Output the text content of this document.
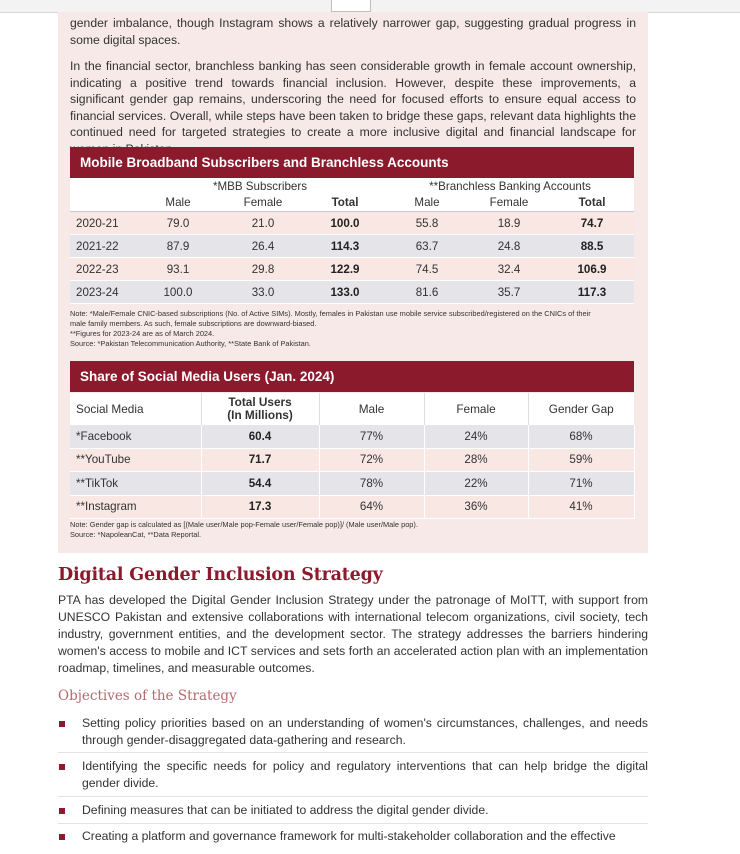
gender imbalance, though Instagram shows a relatively narrower gap, suggesting gradual progress in some digital spaces.
In the financial sector, branchless banking has seen considerable growth in female account ownership, indicating a positive trend towards financial inclusion. However, despite these improvements, a significant gender gap remains, underscoring the need for focused efforts to ensure equal access to financial services. Overall, while steps have been taken to bridge these gaps, relevant data highlights the continued need for targeted strategies to create a more inclusive digital and financial landscape for
Mobile Broadband Subscribers and Branchless Accounts
	*MBB Subscribers			**Branchless Banking Accounts		
	Male	Female	Total	Male	Female	Total
2020-21	79.0	21.0	100.0	55.8	18.9	74.7
2021-22	87.9	26.4	114.3	63.7	24.8	88.5
2022-23	93.1	29.8	122.9	74.5	32.4	106.9
2023-24	100.0	33.0	133.0	81.6	35.7	117.3
Note: *Male/Female CNIC-based subscriptions (No. of Active SIMs). Mostly, females in Pakistan use mobile service subscribed/registered on the CNICs of their
male family members. As such, female subscriptions are downward-biased.
**Figures for 2023-24 are as of March 2024.
Source: *Pakistan Telecommunication Authority, **State Bank of Pakistan.
Share of Social Media Users (Jan. 2024)
Social Media	Total Users
(In Millions)	Male	Female	Gender Gap
*Facebook	60.4	77%	24%	68%
**YouTube	71.7	72%	28%	59%
**TikTok	54.4	78%	22%	71%
**Instagram	17.3	64%	36%	41%
Note: Gender gap is calculated as [(Male user/Male pop-Female user/Female pop)]/ (Male user/Male pop).
Source: *NapoleanCat, **Data Reportal.
Digital Gender Inclusion Strategy
PTA has developed the Digital Gender Inclusion Strategy under the patronage of MoITT, with support from UNESCO Pakistan and extensive collaborations with international telecom organizations, civil society, tech industry, government entities, and the development sector. The strategy addresses the barriers hindering women's access to mobile and ICT services and sets forth an accelerated action plan with an implementation roadmap, timelines, and measurable outcomes.
Objectives of the Strategy
Setting policy priorities based on an understanding of women's circumstances, challenges, and needs through gender-disaggregated data-gathering and research.
Identifying the specific needs for policy and regulatory interventions that can help bridge the digital gender divide.
Defining measures that can be initiated to address the digital gender divide.
Creating a platform and governance framework for multi-stakeholder collaboration and the effective
